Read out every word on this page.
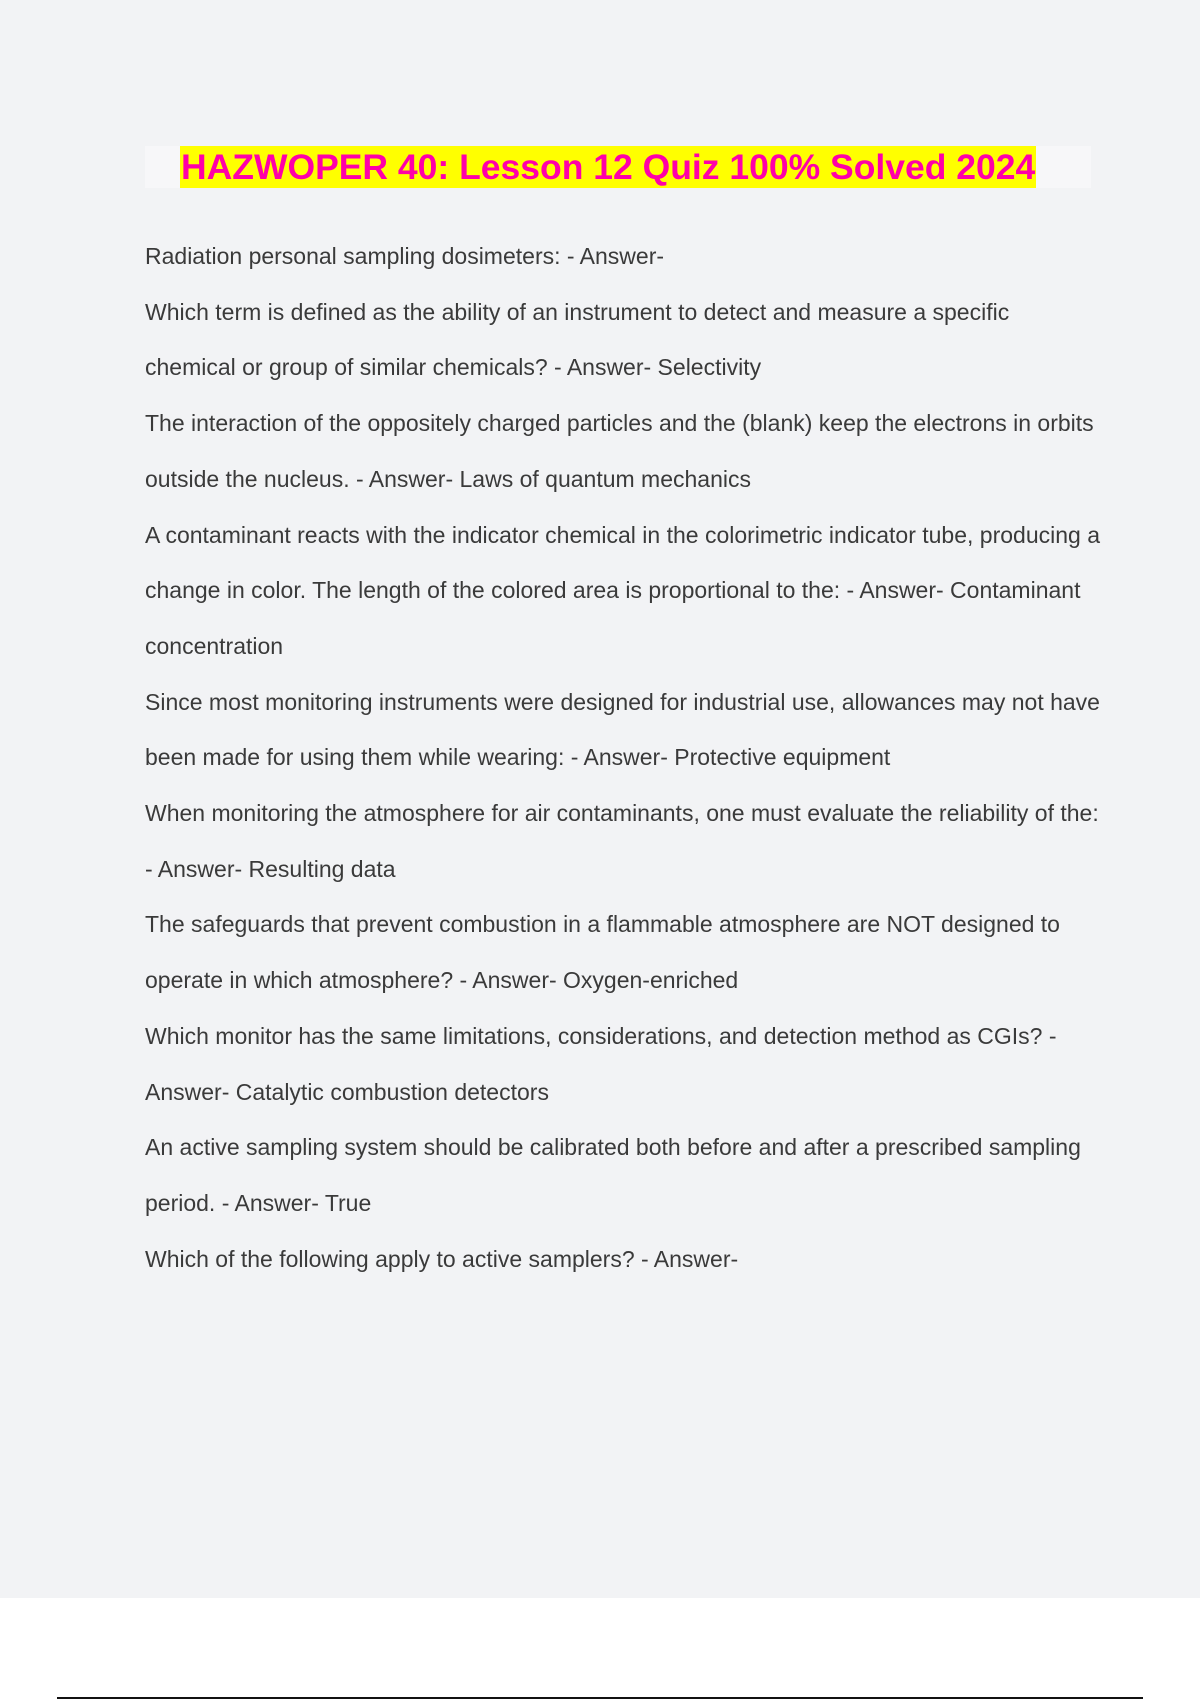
HAZWOPER 40: Lesson 12 Quiz 100% Solved 2024

Radiation personal sampling dosimeters: - Answer-

Which term is defined as the ability of an instrument to detect and measure a specific chemical or group of similar chemicals? - Answer- Selectivity

The interaction of the oppositely charged particles and the (blank) keep the electrons in orbits outside the nucleus. - Answer- Laws of quantum mechanics

A contaminant reacts with the indicator chemical in the colorimetric indicator tube, producing a change in color. The length of the colored area is proportional to the: - Answer- Contaminant concentration

Since most monitoring instruments were designed for industrial use, allowances may not have been made for using them while wearing: - Answer- Protective equipment

When monitoring the atmosphere for air contaminants, one must evaluate the reliability of the: - Answer- Resulting data

The safeguards that prevent combustion in a flammable atmosphere are NOT designed to operate in which atmosphere? - Answer- Oxygen-enriched

Which monitor has the same limitations, considerations, and detection method as CGIs? - Answer- Catalytic combustion detectors

An active sampling system should be calibrated both before and after a prescribed sampling period. - Answer- True

Which of the following apply to active samplers? - Answer-
